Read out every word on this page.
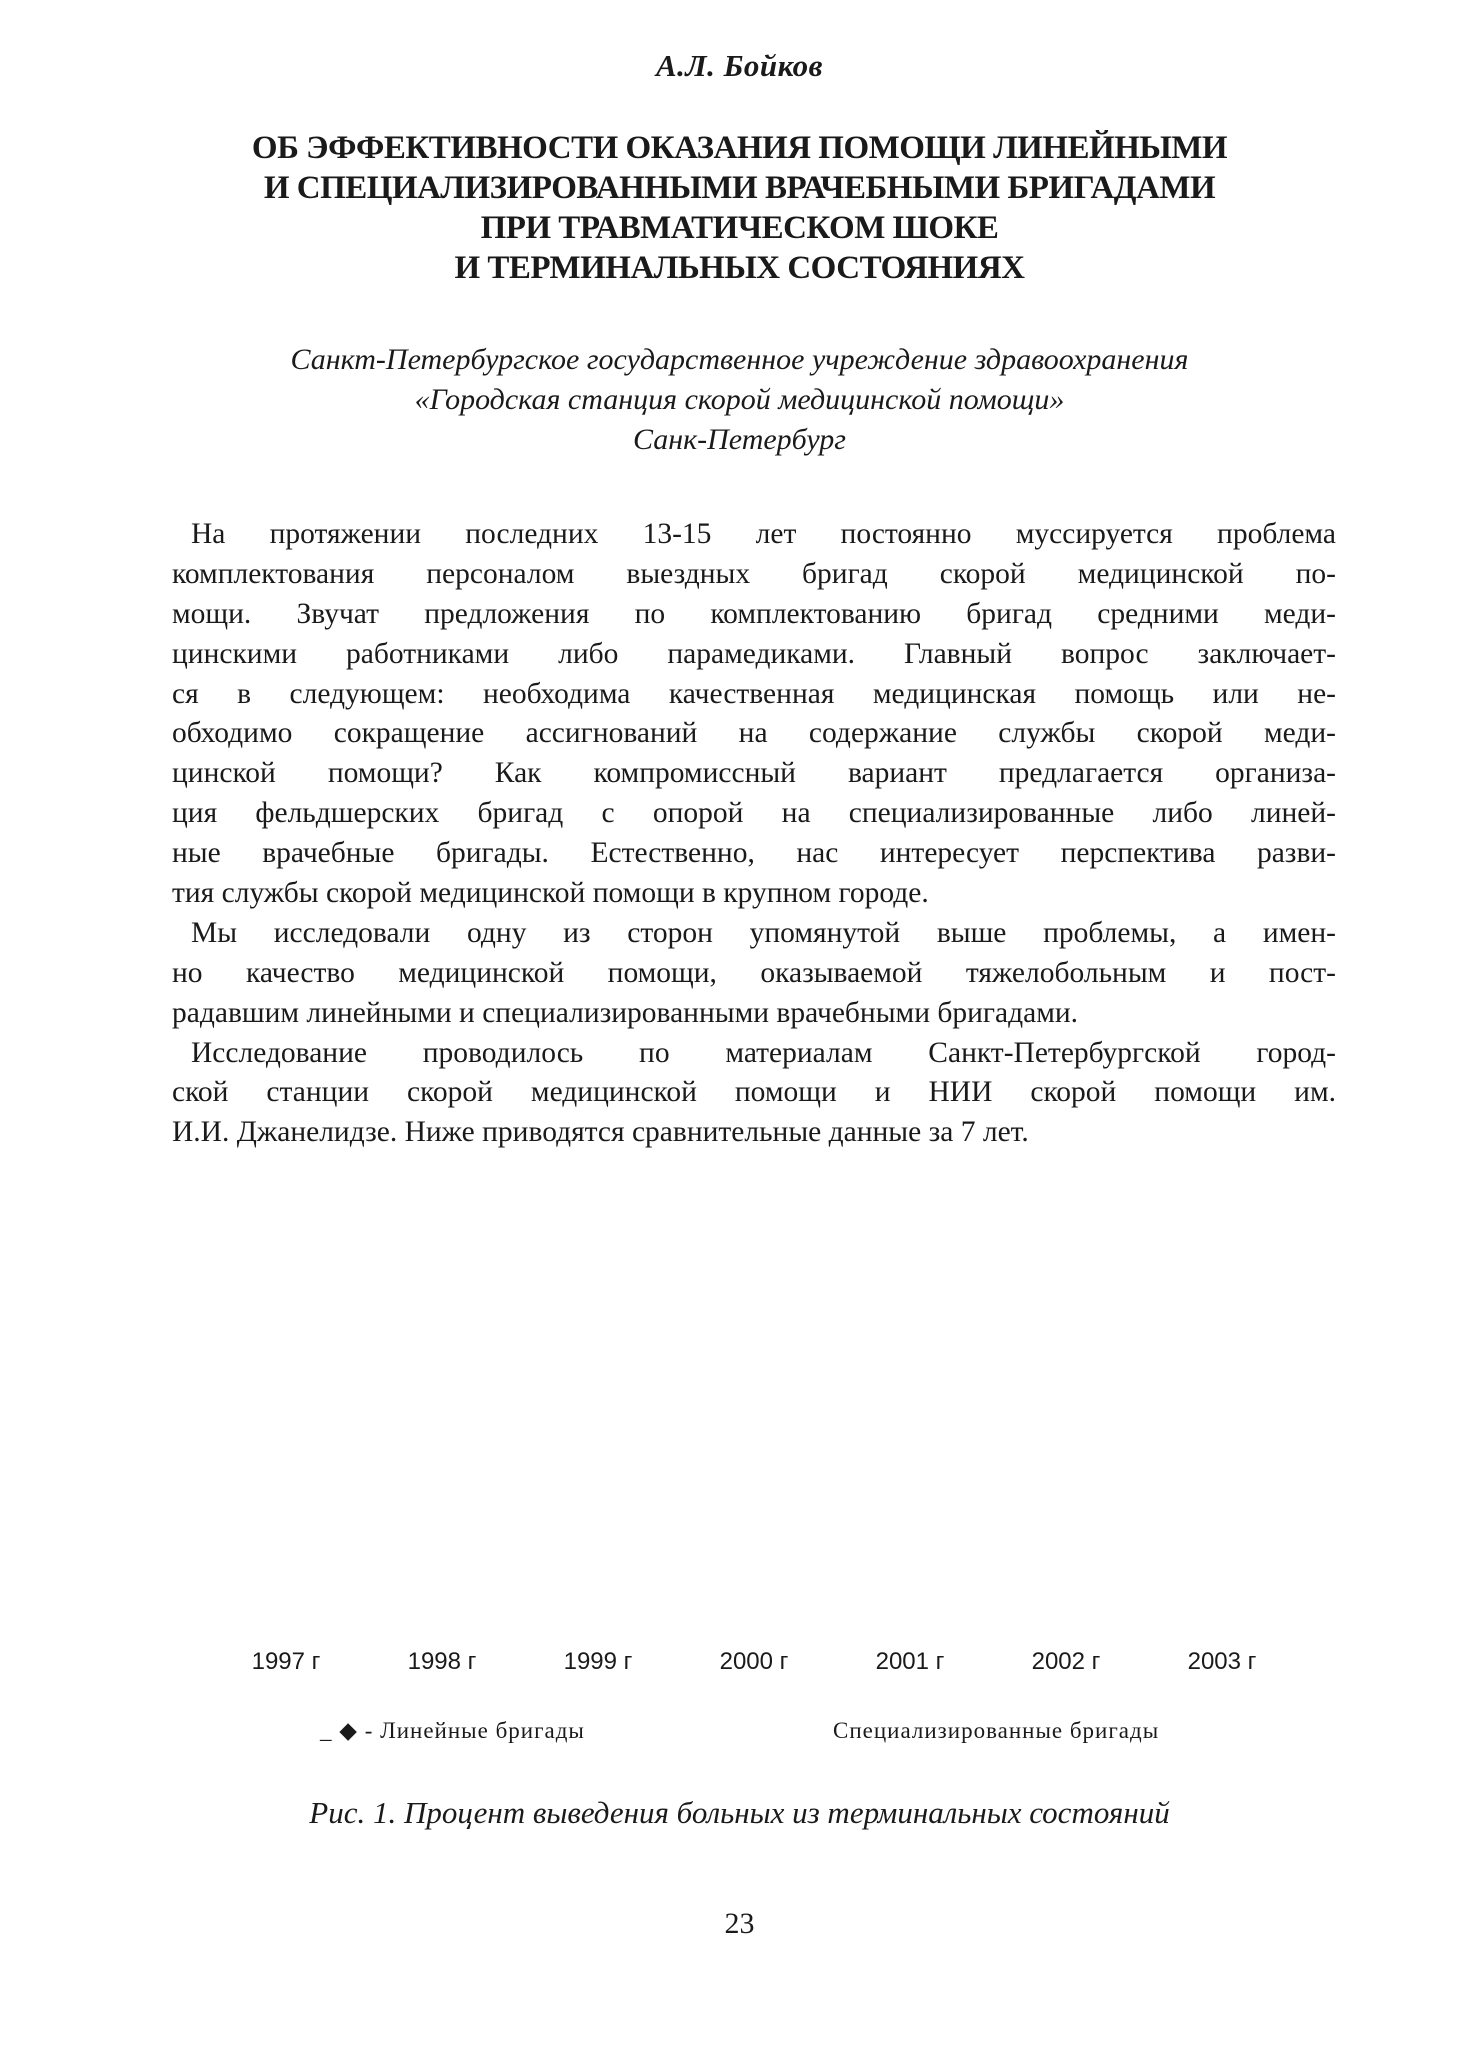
А.Л. Бойков
ОБ ЭФФЕКТИВНОСТИ ОКАЗАНИЯ ПОМОЩИ ЛИНЕЙНЫМИ
И СПЕЦИАЛИЗИРОВАННЫМИ ВРАЧЕБНЫМИ БРИГАДАМИ
ПРИ ТРАВМАТИЧЕСКОМ ШОКЕ
И ТЕРМИНАЛЬНЫХ СОСТОЯНИЯХ
Санкт-Петербургское государственное учреждение здравоохранения
«Городская станция скорой медицинской помощи»
Санк-Петербург
На протяжении последних 13-15 лет постоянно муссируется проблема
комплектования персоналом выездных бригад скорой медицинской по-
мощи. Звучат предложения по комплектованию бригад средними меди-
цинскими работниками либо парамедиками. Главный вопрос заключает-
ся в следующем: необходима качественная медицинская помощь или не-
обходимо сокращение ассигнований на содержание службы скорой меди-
цинской помощи? Как компромиссный вариант предлагается организа-
ция фельдшерских бригад с опорой на специализированные либо линей-
ные врачебные бригады. Естественно, нас интересует перспектива разви-
тия службы скорой медицинской помощи в крупном городе.
Мы исследовали одну из сторон упомянутой выше проблемы, а имен-
но качество медицинской помощи, оказываемой тяжелобольным и пост-
радавшим линейными и специализированными врачебными бригадами.
Исследование проводилось по материалам Санкт-Петербургской город-
ской станции скорой медицинской помощи и НИИ скорой помощи им.
И.И. Джанелидзе. Ниже приводятся сравнительные данные за 7 лет.
1997 г	1998 г	1999 г	2000 г	2001 г	2002 г	2003 г
_ ◆ - Линейные бригады	Специализированные бригады
Рис. 1. Процент выведения больных из терминальных состояний
23
